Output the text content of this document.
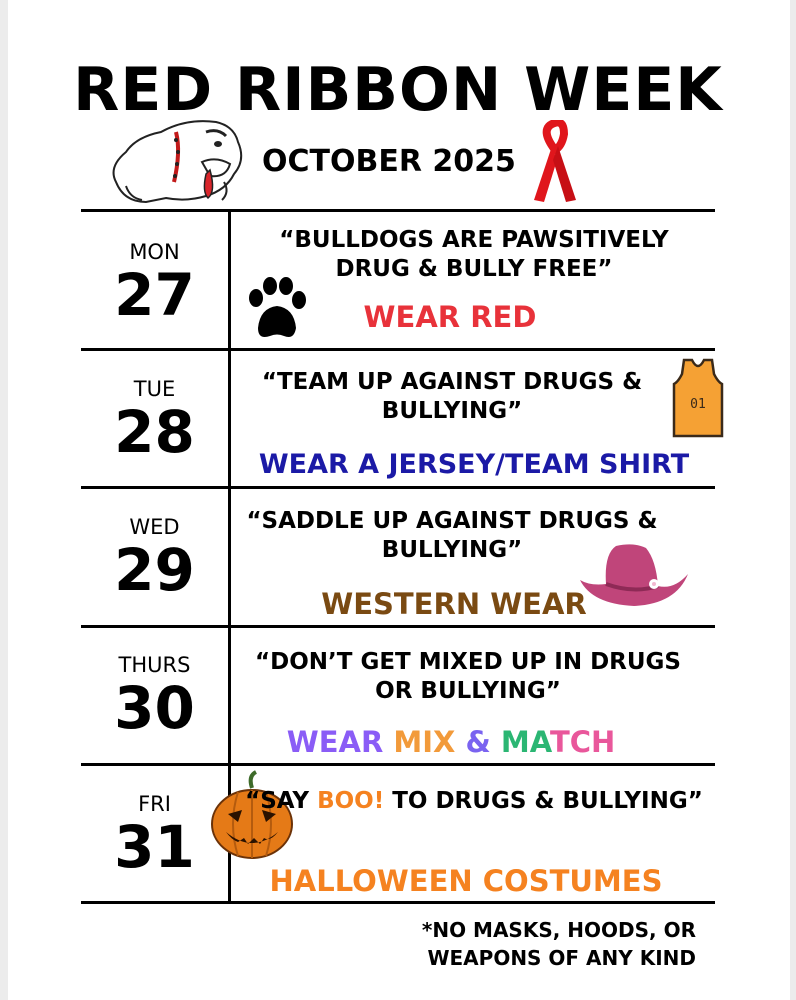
RED RIBBON WEEK
OCTOBER 2025
MON
27
“BULLDOGS ARE PAWSITIVELY DRUG & BULLY FREE”
WEAR RED
TUE
28
“TEAM UP AGAINST DRUGS & BULLYING”	01
WEAR A JERSEY/TEAM SHIRT
WED
29
“SADDLE UP AGAINST DRUGS & BULLYING”
WESTERN WEAR
THURS
30
“DON’T GET MIXED UP IN DRUGS OR BULLYING”
WEAR MIX & MATCH
FRI
31
“SAY BOO! TO DRUGS & BULLYING”
HALLOWEEN COSTUMES
*NO MASKS, HOODS, OR
WEAPONS OF ANY KIND
